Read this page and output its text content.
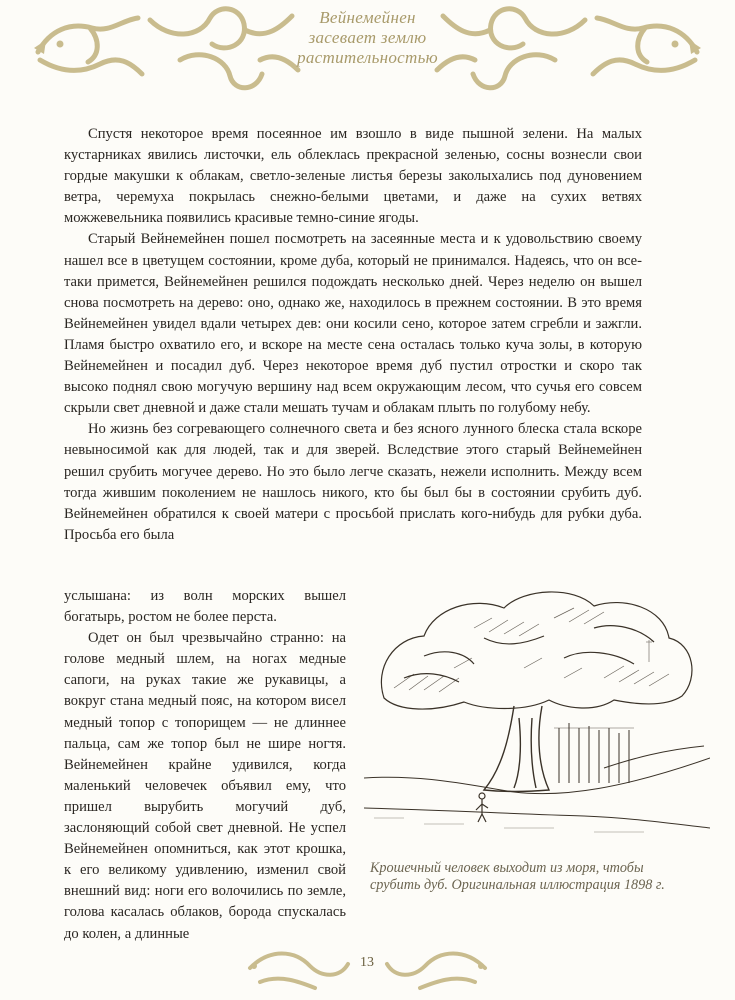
Вейнемейнен
засевает землю
растительностью

Спустя некоторое время посеянное им взошло в виде пышной зелени. На малых кустарниках явились листочки, ель облеклась прекрасной зеленью, сосны вознесли свои гордые макушки к облакам, светло-зеленые листья березы заколыхались под дуновением ветра, черемуха покрылась снежно-белыми цветами, и даже на сухих ветвях можжевельника появились красивые темно-синие ягоды.

Старый Вейнемейнен пошел посмотреть на засеянные места и к удовольствию своему нашел все в цветущем состоянии, кроме дуба, который не принимался. Надеясь, что он все-таки примется, Вейнемейнен решился подождать несколько дней. Через неделю он вышел снова посмотреть на дерево: оно, однако же, находилось в прежнем состоянии. В это время Вейнемейнен увидел вдали четырех дев: они косили сено, которое затем сгребли и зажгли. Пламя быстро охватило его, и вскоре на месте сена осталась только куча золы, в которую Вейнемейнен и посадил дуб. Через некоторое время дуб пустил отростки и скоро так высоко поднял свою могучую вершину над всем окружающим лесом, что сучья его совсем скрыли свет дневной и даже стали мешать тучам и облакам плыть по голубому небу.

Но жизнь без согревающего солнечного света и без ясного лунного блеска стала вскоре невыносимой как для людей, так и для зверей. Вследствие этого старый Вейнемейнен решил срубить могучее дерево. Но это было легче сказать, нежели исполнить. Между всем тогда жившим поколением не нашлось никого, кто бы был бы в состоянии срубить дуб. Вейнемейнен обратился к своей матери с просьбой прислать кого-нибудь для рубки дуба. Просьба его была

услышана: из волн морских вышел богатырь, ростом не более перста.

Одет он был чрезвычайно странно: на голове медный шлем, на ногах медные сапоги, на руках такие же рукавицы, а вокруг стана медный пояс, на котором висел медный топор с топорищем — не длиннее пальца, сам же топор был не шире ногтя. Вейнемейнен крайне удивился, когда маленький человечек объявил ему, что пришел вырубить могучий дуб, заслоняющий собой свет дневной. Не успел Вейнемейнен опомниться, как этот крошка, к его великому удивлению, изменил свой внешний вид: ноги его волочились по земле, голова касалась облаков, борода спускалась до колен, а длинные

Крошечный человек выходит из моря, чтобы срубить дуб. Оригинальная иллюстрация 1898 г.
13
